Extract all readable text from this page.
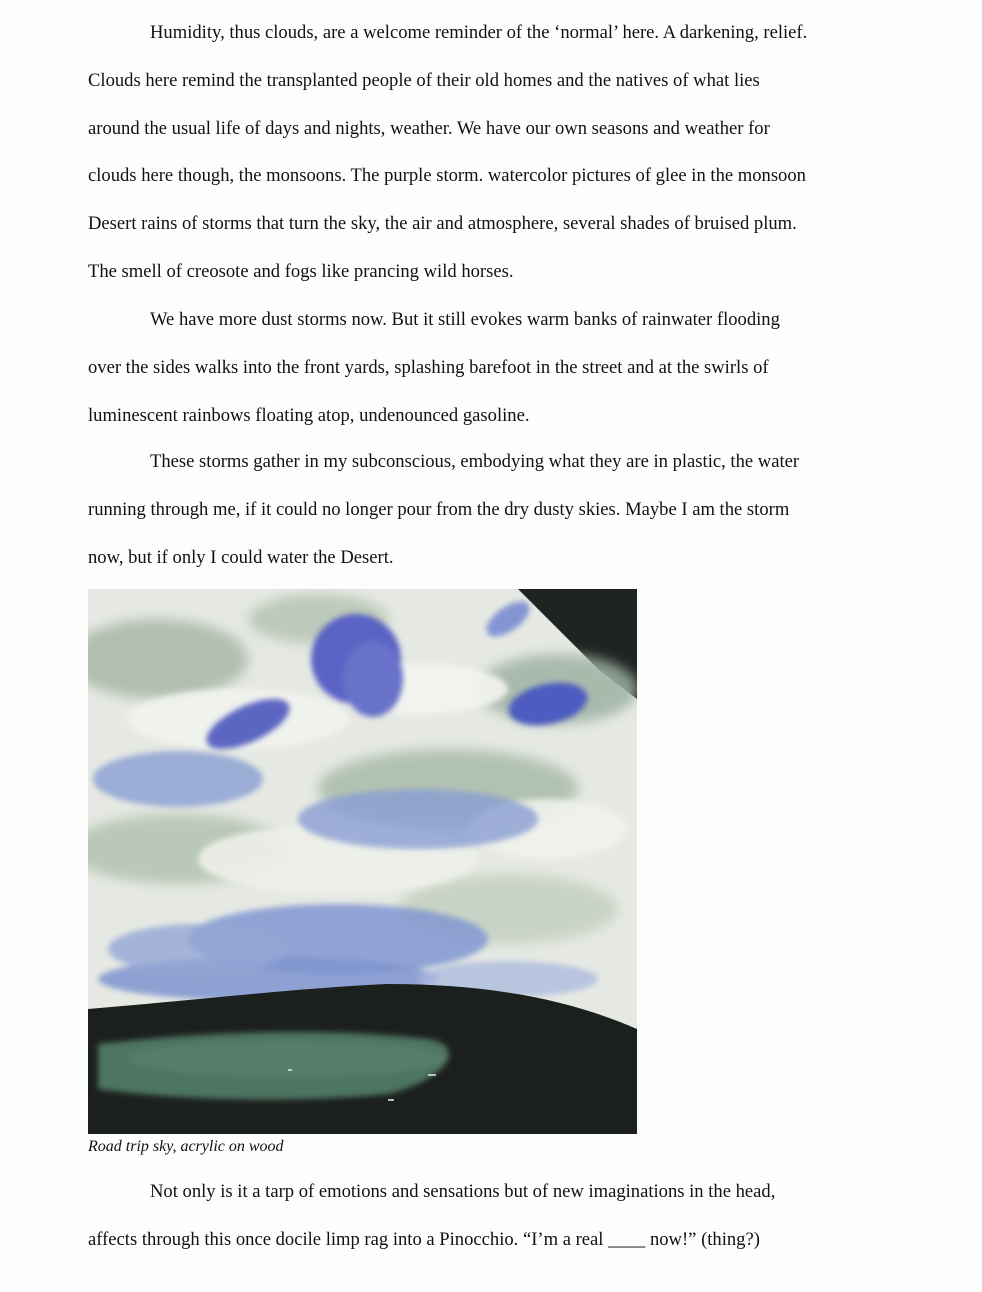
Humidity, thus clouds, are a welcome reminder of the ‘normal’ here. A darkening, relief.
Clouds here remind the transplanted people of their old homes and the natives of what lies
around the usual life of days and nights, weather. We have our own seasons and weather for
clouds here though, the monsoons. The purple storm. watercolor pictures of glee in the monsoon
Desert rains of storms that turn the sky, the air and atmosphere, several shades of bruised plum.
The smell of creosote and fogs like prancing wild horses.
We have more dust storms now. But it still evokes warm banks of rainwater flooding
over the sides walks into the front yards, splashing barefoot in the street and at the swirls of
luminescent rainbows floating atop, undenounced gasoline.
These storms gather in my subconscious, embodying what they are in plastic, the water
running through me, if it could no longer pour from the dry dusty skies. Maybe I am the storm
now, but if only I could water the Desert.
Road trip sky, acrylic on wood
Not only is it a tarp of emotions and sensations but of new imaginations in the head,
affects through this once docile limp rag into a Pinocchio. “I’m a real ____ now!” (thing?)
